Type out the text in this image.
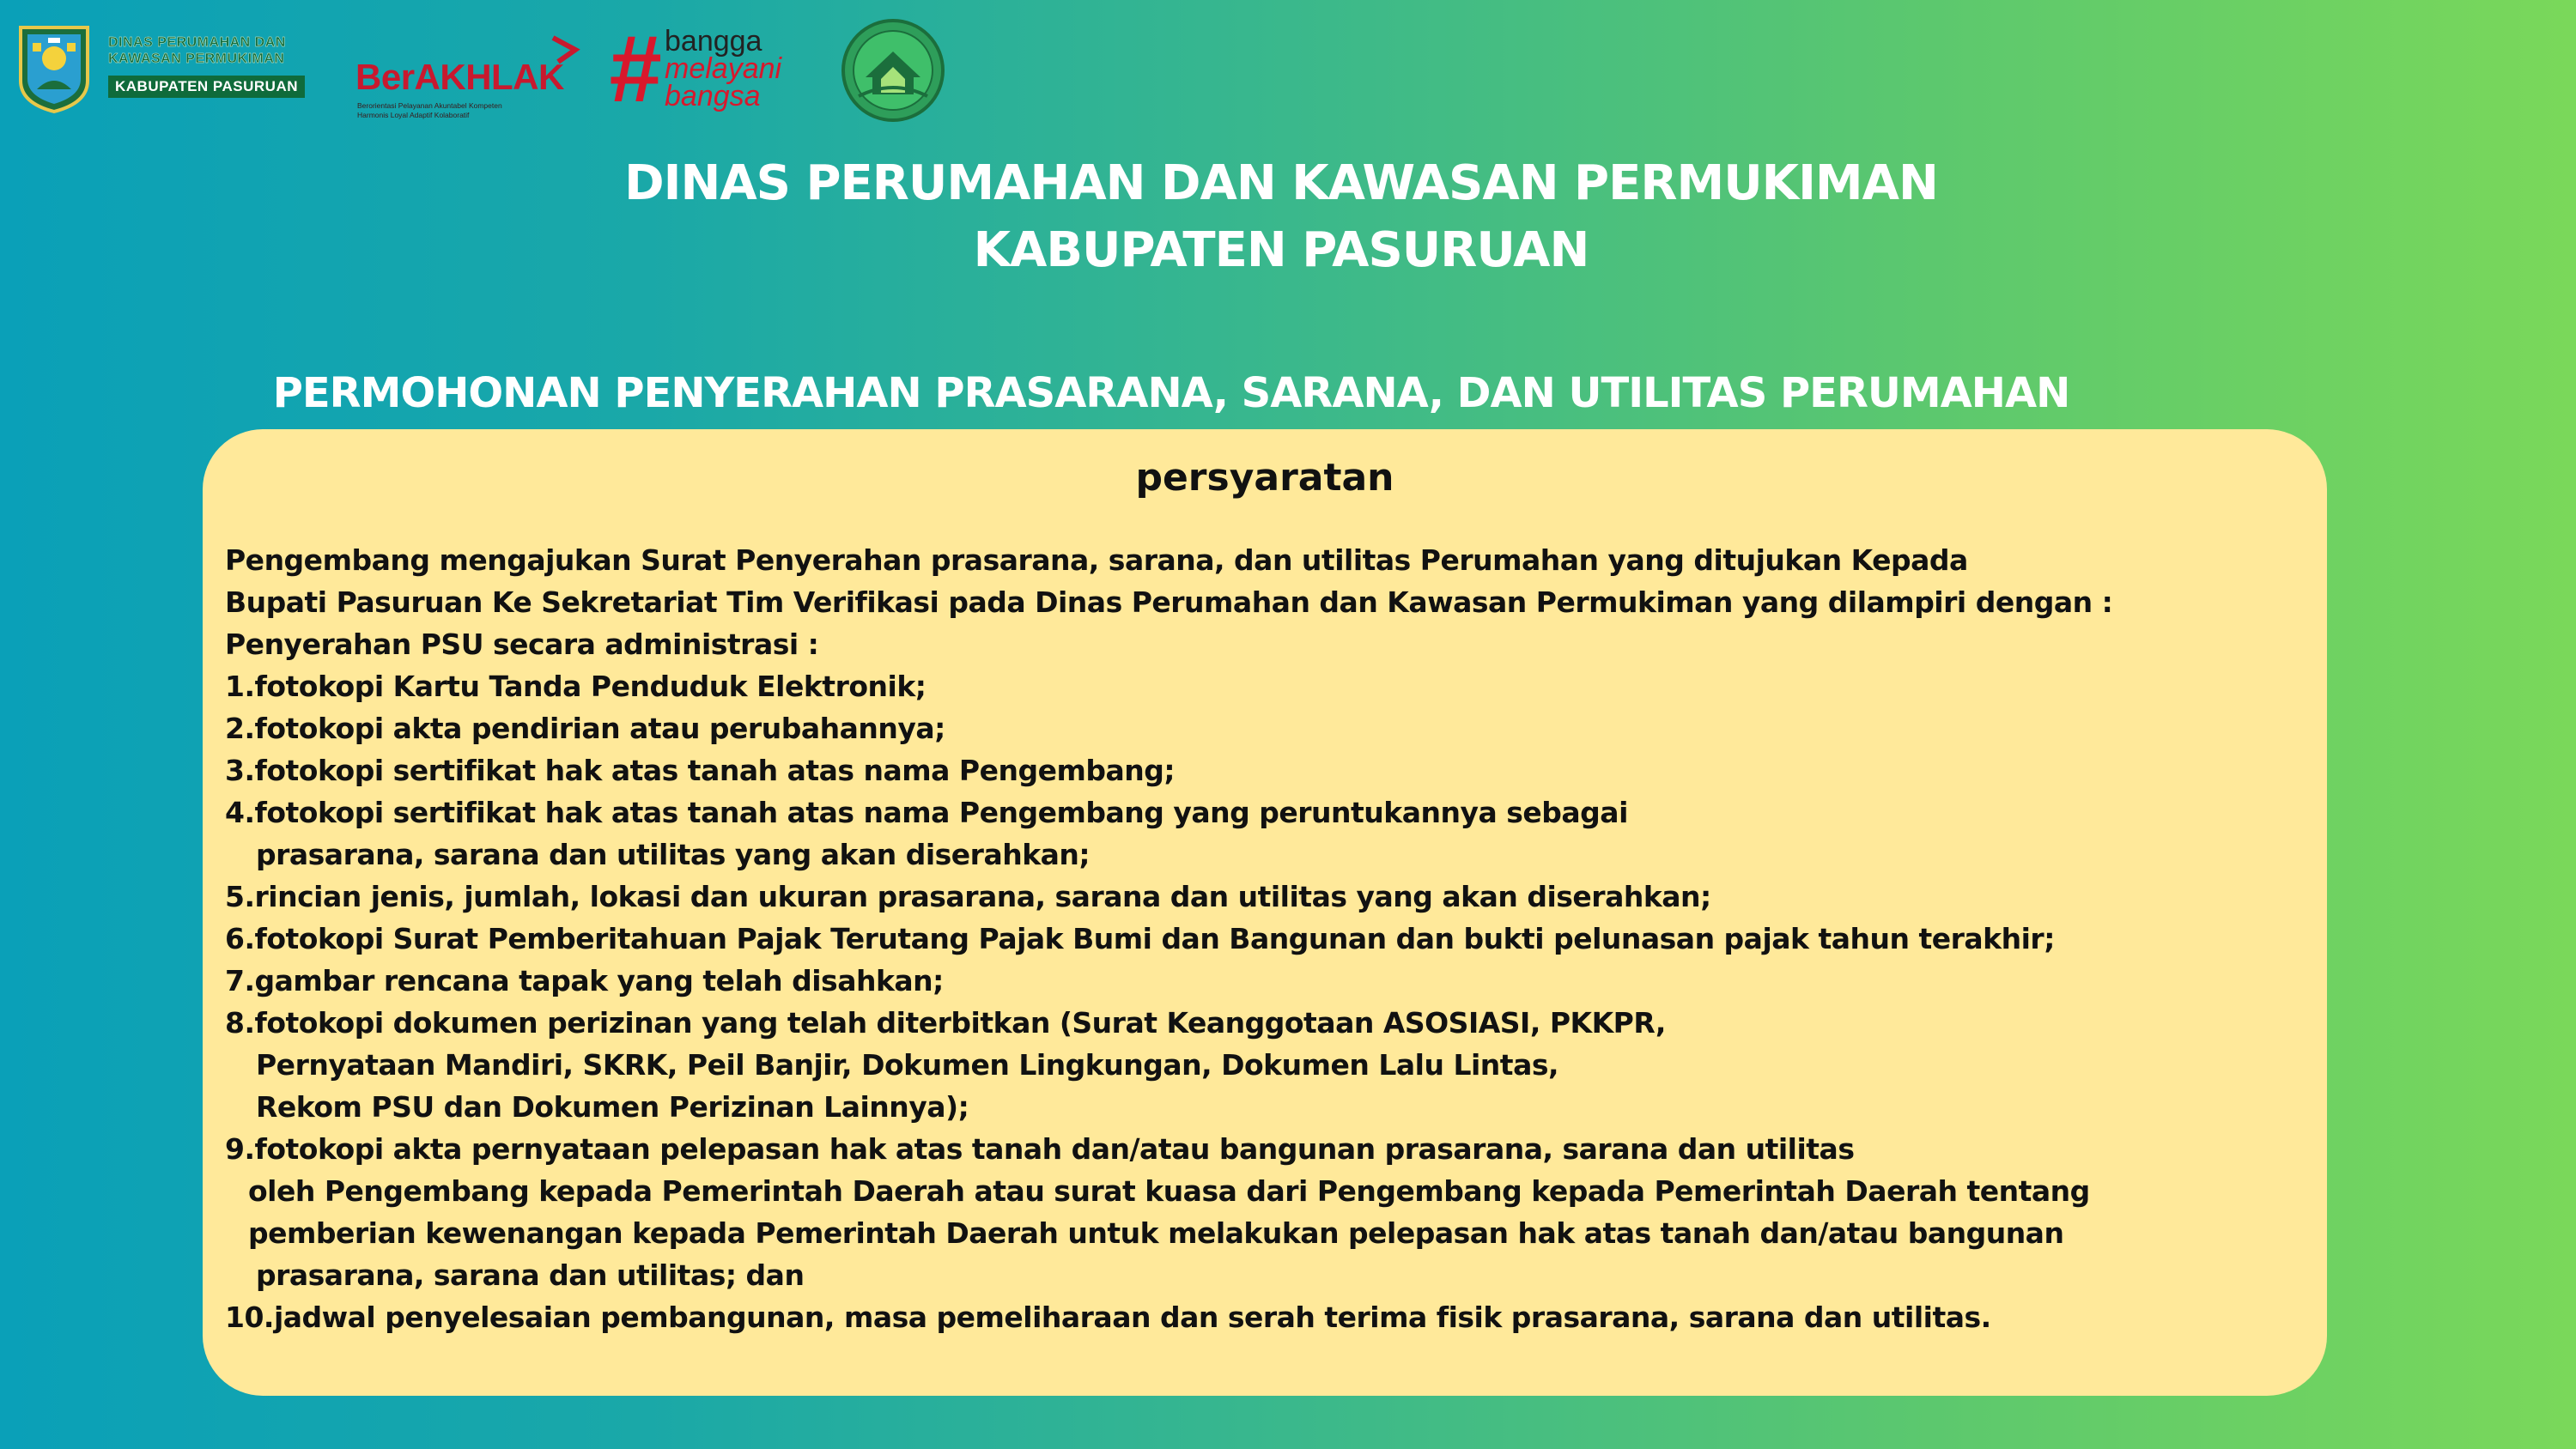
DINAS PERUMAHAN DAN
KAWASAN PERMUKIMAN
KABUPATEN PASURUAN	BerAKHLAK
Berorientasi Pelayanan Akuntabel Kompeten
Harmonis Loyal Adaptif Kolaboratif	# bangga
melayani
bangsa
DINAS PERUMAHAN DAN KAWASAN PERMUKIMAN
KABUPATEN PASURUAN
PERMOHONAN PENYERAHAN PRASARANA, SARANA, DAN UTILITAS PERUMAHAN
persyaratan
Pengembang mengajukan Surat Penyerahan prasarana, sarana, dan utilitas Perumahan yang ditujukan Kepada
Bupati Pasuruan Ke Sekretariat Tim Verifikasi pada Dinas Perumahan dan Kawasan Permukiman yang dilampiri dengan :
Penyerahan PSU secara administrasi :
1.fotokopi Kartu Tanda Penduduk Elektronik;
2.fotokopi akta pendirian atau perubahannya;
3.fotokopi sertifikat hak atas tanah atas nama Pengembang;
4.fotokopi sertifikat hak atas tanah atas nama Pengembang yang peruntukannya sebagai
prasarana, sarana dan utilitas yang akan diserahkan;
5.rincian jenis, jumlah, lokasi dan ukuran prasarana, sarana dan utilitas yang akan diserahkan;
6.fotokopi Surat Pemberitahuan Pajak Terutang Pajak Bumi dan Bangunan dan bukti pelunasan pajak tahun terakhir;
7.gambar rencana tapak yang telah disahkan;
8.fotokopi dokumen perizinan yang telah diterbitkan (Surat Keanggotaan ASOSIASI, PKKPR,
Pernyataan Mandiri, SKRK, Peil Banjir, Dokumen Lingkungan, Dokumen Lalu Lintas,
Rekom PSU dan Dokumen Perizinan Lainnya);
9.fotokopi akta pernyataan pelepasan hak atas tanah dan/atau bangunan prasarana, sarana dan utilitas
oleh Pengembang kepada Pemerintah Daerah atau surat kuasa dari Pengembang kepada Pemerintah Daerah tentang
pemberian kewenangan kepada Pemerintah Daerah untuk melakukan pelepasan hak atas tanah dan/atau bangunan
prasarana, sarana dan utilitas; dan
10.jadwal penyelesaian pembangunan, masa pemeliharaan dan serah terima fisik prasarana, sarana dan utilitas.
